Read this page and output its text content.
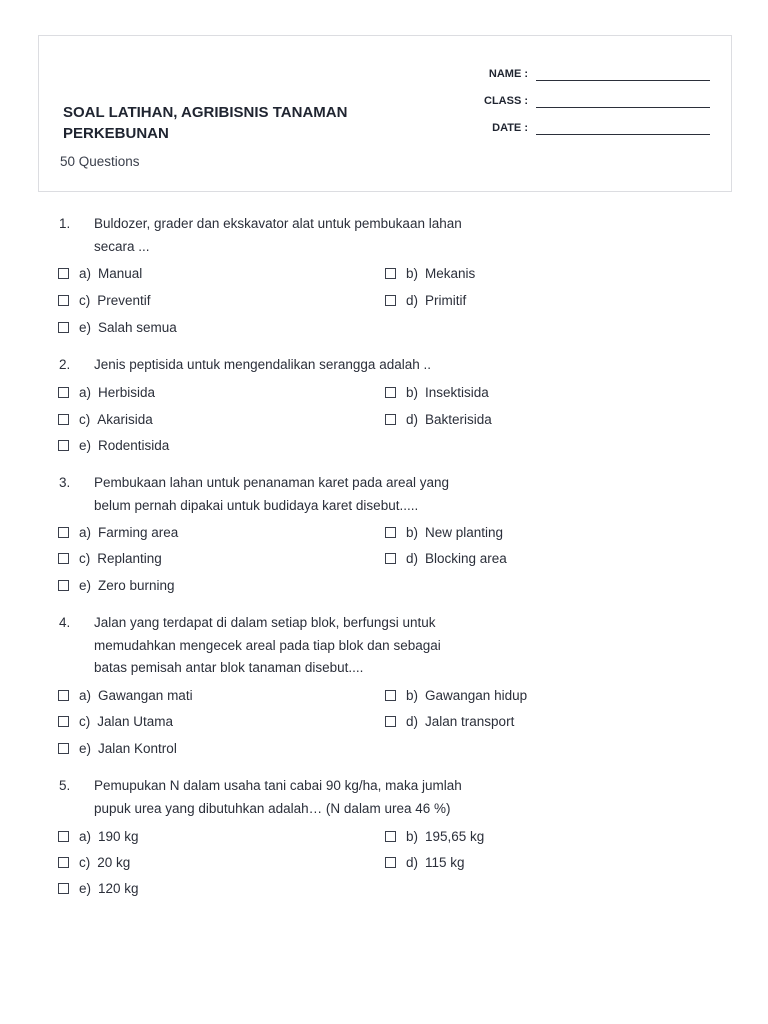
NAME :
CLASS :
DATE :
SOAL LATIHAN, AGRIBISNIS TANAMAN PERKEBUNAN
50 Questions
1. Buldozer, grader dan ekskavator alat untuk pembukaan lahan
secara ...
a) Manual	b) Mekanis
c) Preventif	d) Primitif
e) Salah semua
2. Jenis peptisida untuk mengendalikan serangga adalah ..
a) Herbisida	b) Insektisida
c) Akarisida	d) Bakterisida
e) Rodentisida
3. Pembukaan lahan untuk penanaman karet pada areal yang
belum pernah dipakai untuk budidaya karet disebut.....
a) Farming area	b) New planting
c) Replanting	d) Blocking area
e) Zero burning
4. Jalan yang terdapat di dalam setiap blok, berfungsi untuk
memudahkan mengecek areal pada tiap blok dan sebagai
batas pemisah antar blok tanaman disebut....
a) Gawangan mati	b) Gawangan hidup
c) Jalan Utama	d) Jalan transport
e) Jalan Kontrol
5. Pemupukan N dalam usaha tani cabai 90 kg/ha, maka jumlah
pupuk urea yang dibutuhkan adalah… (N dalam urea 46 %)
a) 190 kg	b) 195,65 kg
c) 20 kg	d) 115 kg
e) 120 kg
